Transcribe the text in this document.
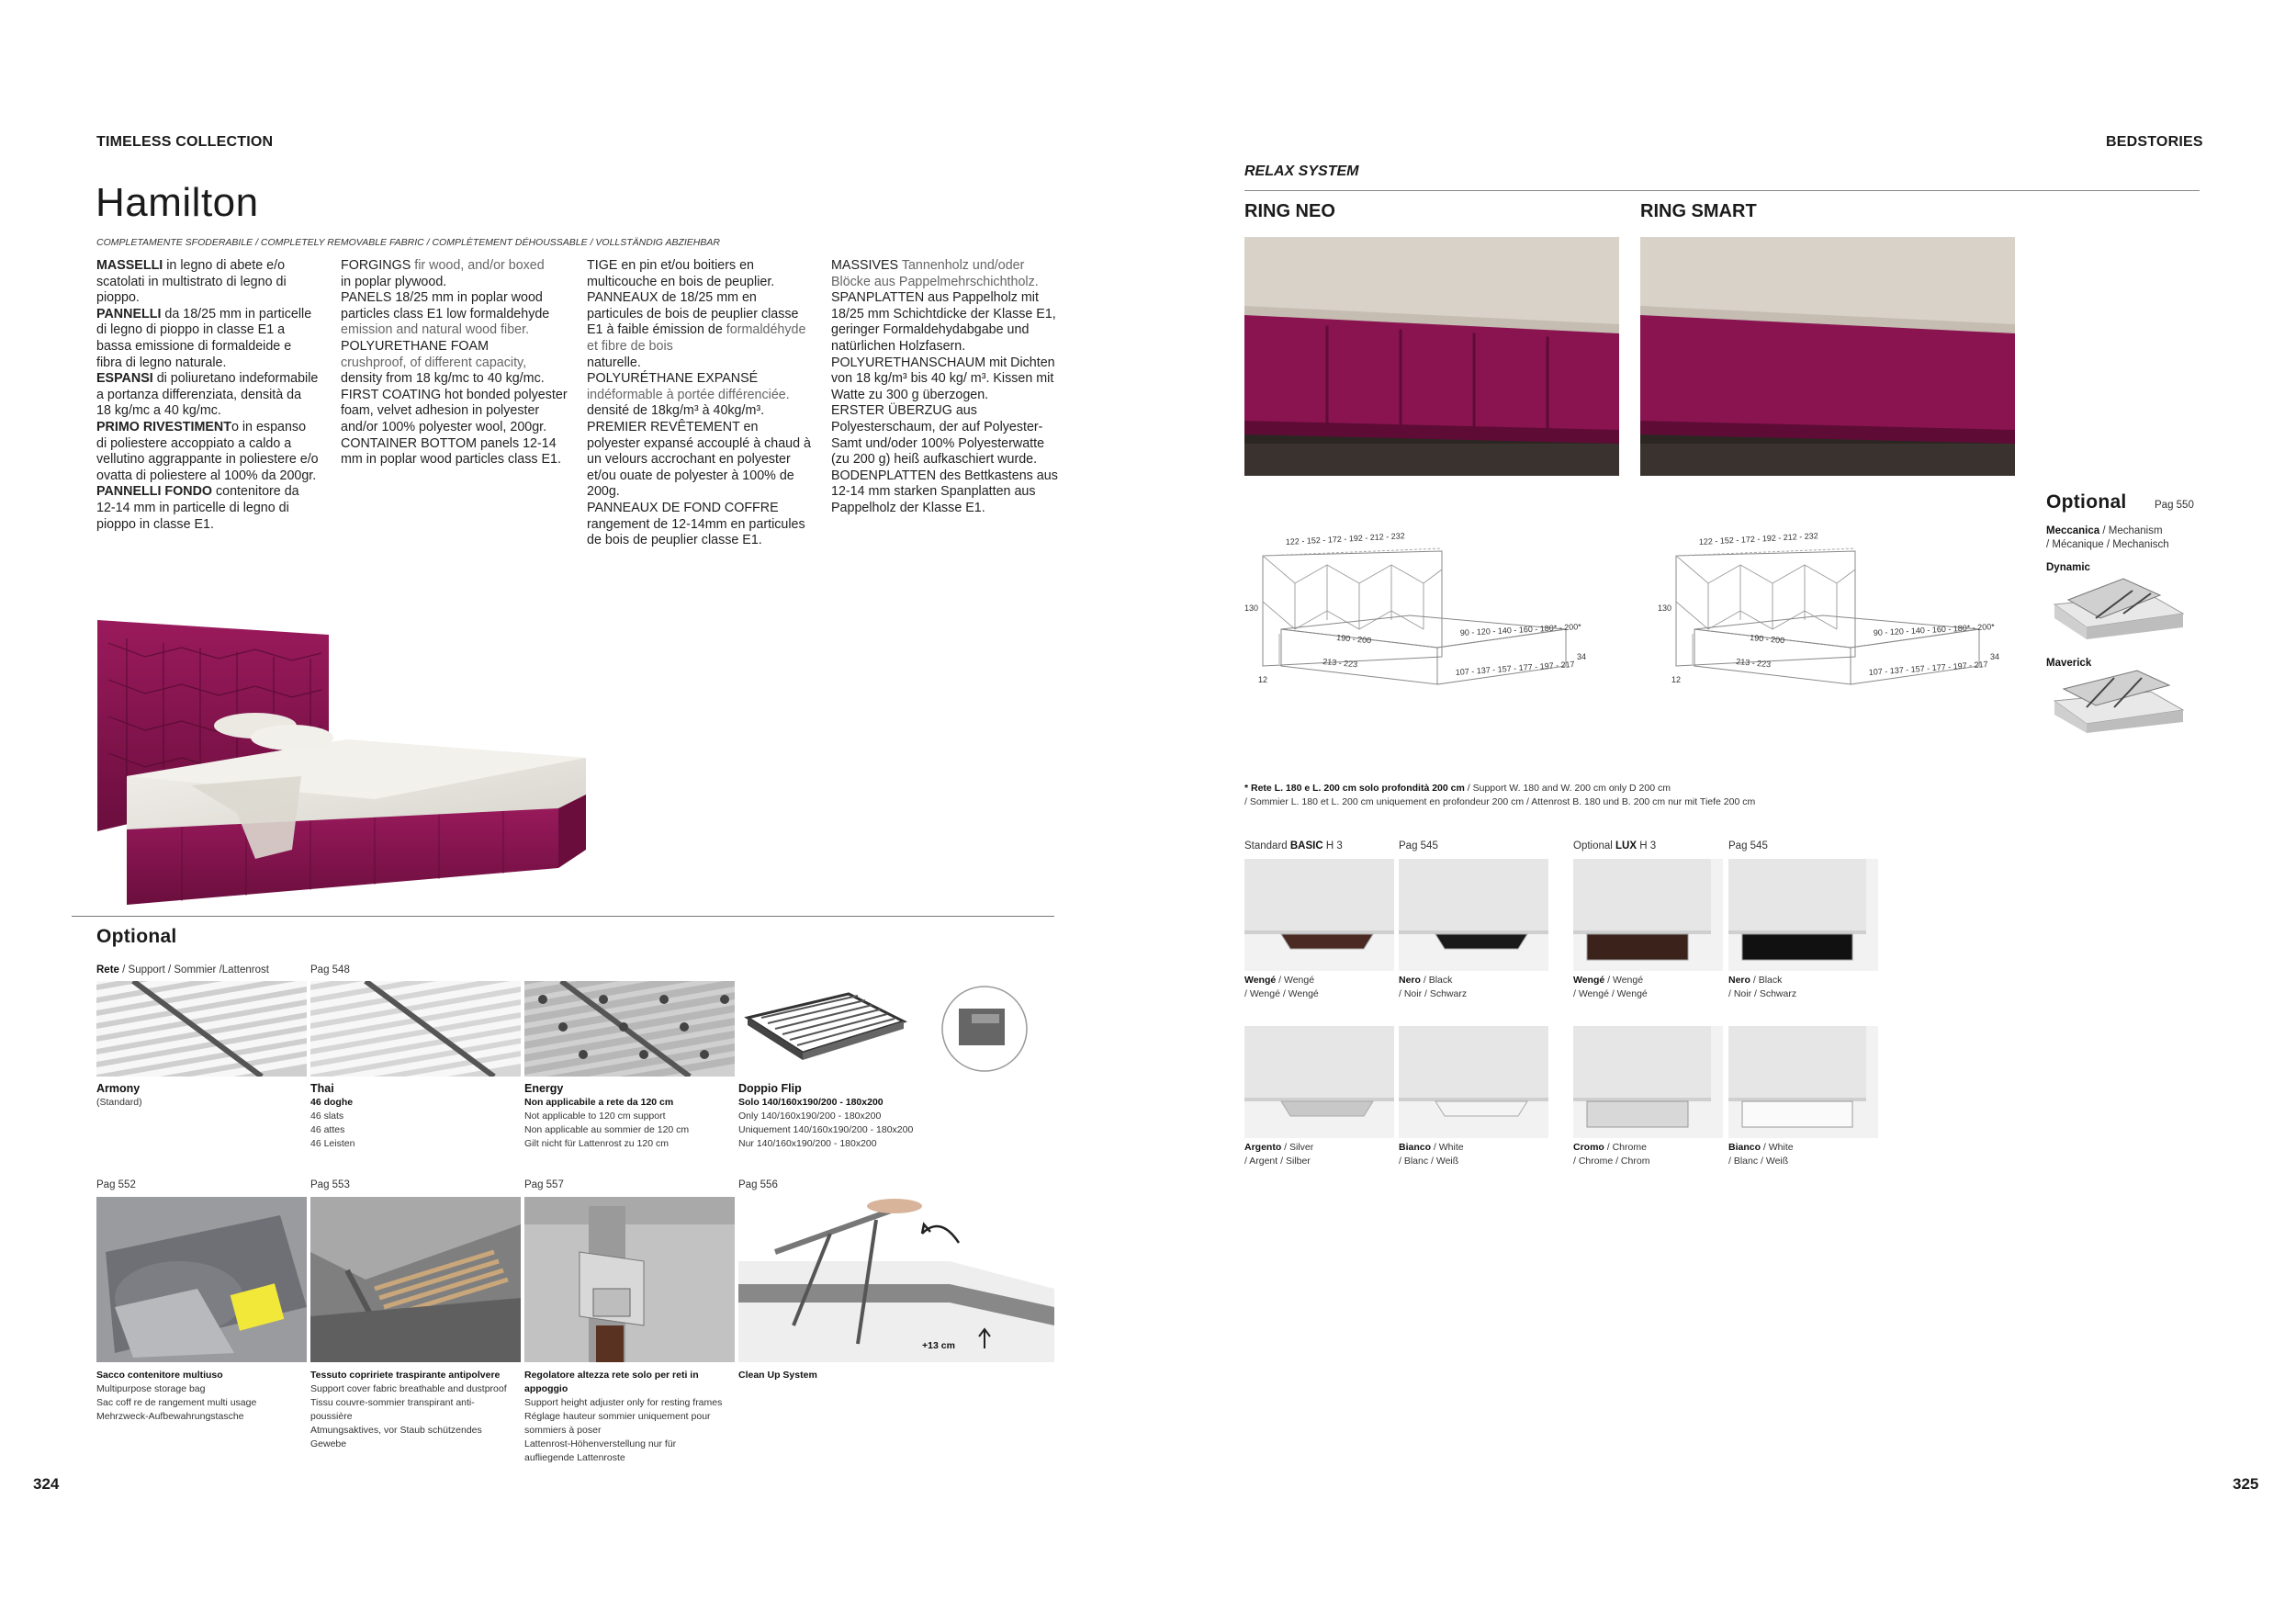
TIMELESS COLLECTION
Hamilton
COMPLETAMENTE SFODERABILE / COMPLETELY REMOVABLE FABRIC / COMPLÈTEMENT DÉHOUSSABLE / VOLLSTÄNDIG ABZIEHBAR
MASSELLI in legno di abete e/o scatolati in multistrato di legno di pioppo.
PANNELLI da 18/25 mm in particelle di legno di pioppo in classe E1 a bassa emissione di formaldeide e fibra di legno naturale.
ESPANSI di poliuretano indeformabile a portanza differenziata, densità da 18 kg/mc a 40 kg/mc.
PRIMO RIVESTIMENTo in espanso di poliestere accoppiato a caldo a vellutino aggrappante in poliestere e/o ovatta di poliestere al 100% da 200gr.
PANNELLI FONDO contenitore da 12-14 mm in particelle di legno di pioppo in classe E1.
FORGINGS fir wood, and/or boxed
in poplar plywood.
PANELS 18/25 mm in poplar wood particles class E1 low formaldehyde emission and natural wood fiber.
POLYURETHANE FOAM
crushproof, of different capacity,
density from 18 kg/mc to 40 kg/mc.
FIRST COATING hot bonded polyester foam, velvet adhesion in polyester and/or 100% polyester wool, 200gr.
CONTAINER BOTTOM panels 12-14 mm in poplar wood particles class E1.
TIGE en pin et/ou boitiers en multicouche en bois de peuplier.
PANNEAUX de 18/25 mm en particules de bois de peuplier classe E1 à faible émission de formaldéhyde et fibre de bois
naturelle.
POLYURÉTHANE EXPANSÉ
indéformable à portée différenciée.
densité de 18kg/m³ à 40kg/m³.
PREMIER REVÊTEMENT en polyester expansé accouplé à chaud à un velours accrochant en polyester et/ou ouate de polyester à 100% de 200g.
PANNEAUX DE FOND COFFRE rangement de 12-14mm en particules de bois de peuplier classe E1.
MASSIVES Tannenholz und/oder
Blöcke aus Pappelmehrschichtholz.
SPANPLATTEN aus Pappelholz mit 18/25 mm Schichtdicke der Klasse E1, geringer Formaldehydabgabe und natürlichen Holzfasern.
POLYURETHANSCHAUM mit Dichten von 18 kg/m³ bis 40 kg/ m³. Kissen mit Watte zu 300 g überzogen.
ERSTER ÜBERZUG aus Polyesterschaum, der auf Polyester-Samt und/oder 100% Polyesterwatte (zu 200 g) heiß aufkaschiert wurde.
BODENPLATTEN des Bettkastens aus 12-14 mm starken Spanplatten aus Pappelholz der Klasse E1.
Optional
Rete / Support / Sommier /Lattenrost	Pag 548
Armony
(Standard)
Thai
46 doghe
46 slats
46 attes
46 Leisten
Energy
Non applicabile a rete da 120 cm
Not applicable to 120 cm support
Non applicable au sommier de 120 cm
Gilt nicht für Lattenrost zu 120 cm
Doppio Flip
Solo 140/160x190/200 - 180x200
Only 140/160x190/200 - 180x200
Uniquement 140/160x190/200 - 180x200
Nur 140/160x190/200 - 180x200
Pag 552	Pag 553	Pag 557	Pag 556
+13 cm
Sacco contenitore multiuso
Multipurpose storage bag
Sac coff re de rangement multi usage
Mehrzweck-Aufbewahrungstasche
Tessuto copririete traspirante antipolvere
Support cover fabric breathable and dustproof
Tissu couvre-sommier transpirant anti-
poussière
Atmungsaktives, vor Staub schützendes
Gewebe
Regolatore altezza rete solo per reti in appoggio
Support height adjuster only for resting frames
Réglage hauteur sommier uniquement pour
sommiers à poser
Lattenrost-Höhenverstellung nur für
aufliegende Lattenroste
Clean Up System
324
BEDSTORIES
RELAX SYSTEM
RING NEO	RING SMART
122 - 152 - 172 - 192 - 212 - 232
130
12
190 - 200
90 - 120 - 140 - 160 - 180* - 200*
213 - 223	107 - 137 - 157 - 177 - 197 - 217
34
122 - 152 - 172 - 192 - 212 - 232
130
12
190 - 200
90 - 120 - 140 - 160 - 180* - 200*
213 - 223	107 - 137 - 157 - 177 - 197 - 217
34
Optional	Pag 550
Meccanica / Mechanism
/ Mécanique / Mechanisch
Dynamic
Maverick
* Rete L. 180 e L. 200 cm solo profondità 200 cm / Support W. 180 and W. 200 cm only D 200 cm
/ Sommier L. 180 et L. 200 cm uniquement en profondeur 200 cm / Attenrost B. 180 und B. 200 cm nur mit Tiefe 200 cm
Standard BASIC H 3	Pag 545	Optional LUX H 3	Pag 545
Wengé / Wengé
/ Wengé / Wengé
Nero / Black
/ Noir / Schwarz
Wengé / Wengé
/ Wengé / Wengé
Nero / Black
/ Noir / Schwarz
Argento / Silver
/ Argent / Silber
Bianco / White
/ Blanc / Weiß
Cromo / Chrome
/ Chrome / Chrom
Bianco / White
/ Blanc / Weiß
325
